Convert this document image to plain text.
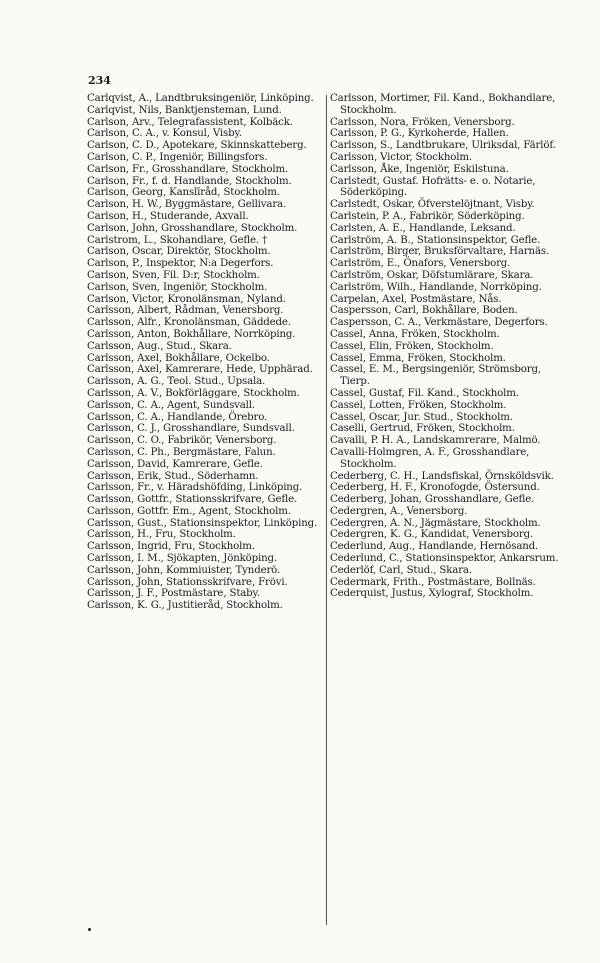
234

Carlqvist, A., Landtbruksingeniör, Linköping.

Carlqvist, Nils, Banktjensteman, Lund.

Carlson, Arv., Telegrafassistent, Kolbäck.

Carlson, C. A., v. Konsul, Visby.

Carlson, C. D., Apotekare, Skinnskatteberg.

Carlson, C. P., Ingeniör, Billingsfors.

Carlson, Fr., Grosshandlare, Stockholm.

Carlson, Fr., f. d. Handlande, Stockholm.

Carlson, Georg, Kanslīråd, Stockholm.

Carlson, H. W., Byggmästare, Gellivara.

Carlson, H., Studerande, Axvall.

Carlson, John, Grosshandlare, Stockholm.

Carlstrom, L., Skohandlare, Gefle. †

Carlson, Oscar, Direktör, Stockholm.

Carlson, P., Inspektor, N:a Degerfors.

Carlson, Sven, Fil. D:r, Stockholm.

Carlson, Sven, Ingeniör, Stockholm.

Carlson, Victor, Kronolänsman, Nyland.

Carlsson, Albert, Rådman, Venersborg.

Carlsson, Alfr., Kronolänsman, Gäddede.

Carlsson, Anton, Bokhållare, Norrköping.

Carlsson, Aug., Stud., Skara.

Carlsson, Axel, Bokhållare, Ockelbo.

Carlsson, Axel, Kamrerare, Hede, Upphärad.

Carlsson, A. G., Teol. Stud., Upsala.

Carlsson, A. V., Bokförläggare, Stockholm.

Carlsson, C. A., Agent, Sundsvall.

Carlsson, C. A., Handlande, Örebro.

Carlsson, C. J., Grosshandlare, Sundsvall.

Carlsson, C. O., Fabrikör, Venersborg.

Carlsson, C. Ph., Bergmästare, Falun.

Carlsson, David, Kamrerare, Gefle.

Carlsson, Erik, Stud., Söderhamn.

Carlsson, Fr., v. Häradshöfding, Linköping.

Carlsson, Gottfr., Stationsskrifvare, Gefle.

Carlsson, Gottfr. Em., Agent, Stockholm.

Carlsson, Gust., Stationsinspektor, Linköping.

Carlsson, H., Fru, Stockholm.

Carlsson, Ingrid, Fru, Stockholm.

Carlsson, I. M., Sjökapten, Jönköping.

Carlsson, John, Kommiuister, Tynderö.

Carlsson, John, Stationsskrifvare, Frövi.

Carlsson, J. F., Postmästare, Staby.

Carlsson, K. G., Justitieråd, Stockholm.

Carlsson, Mortimer, Fil. Kand., Bokhandlare, Stockholm.

Carlsson, Nora, Fröken, Venersborg.

Carlsson, P. G., Kyrkoherde, Hallen.

Carlsson, S., Landtbrukare, Ulriksdal, Färlöf.

Carlsson, Victor, Stockholm.

Carlsson, Åke, Ingeniör, Eskilstuna.

Carlstedt, Gustaf. Hofrätts- e. o. Notarie, Söderköping.

Carlstedt, Oskar, Öfverstelöjtnant, Visby.

Carlstein, P. A., Fabrikör, Söderköping.

Carlsten, A. E., Handlande, Leksand.

Carlström, A. B., Stationsinspektor, Gefle.

Carlström, Birger, Bruksförvaltare, Harnäs.

Carlström, E., Önafors, Venersborg.

Carlström, Oskar, Döfstumlärare, Skara.

Carlström, Wilh., Handlande, Norrköping.

Carpelan, Axel, Postmästare, Nås.

Caspersson, Carl, Bokhållare, Boden.

Caspersson, C. A., Verkmästare, Degerfors.

Cassel, Anna, Fröken, Stockholm.

Cassel, Elin, Fröken, Stockholm.

Cassel, Emma, Fröken, Stockholm.

Cassel, E. M., Bergsingeniör, Strömsborg, Tierp.

Cassel, Gustaf, Fil. Kand., Stockholm.

Cassel, Lotten, Fröken, Stockholm.

Cassel, Oscar, Jur. Stud., Stockholm.

Caselli, Gertrud, Fröken, Stockholm.

Cavalli, P. H. A., Landskamrerare, Malmö.

Cavalli-Holmgren, A. F., Grosshandlare, Stockholm.

Cederberg, C. H., Landsfiskal, Örnsköldsvik.

Cederberg, H. F., Kronofogde, Östersund.

Cederberg, Johan, Grosshandlare, Gefle.

Cedergren, A., Venersborg.

Cedergren, A. N., Jägmästare, Stockholm.

Cedergren, K. G., Kandidat, Venersborg.

Cederlund, Aug., Handlande, Hernösand.

Cederlund, C., Stationsinspektor, Ankarsrum.

Cederlöf, Carl, Stud., Skara.

Cedermark, Frith., Postmästare, Bollnäs.

Cederquist, Justus, Xylograf, Stockholm.
